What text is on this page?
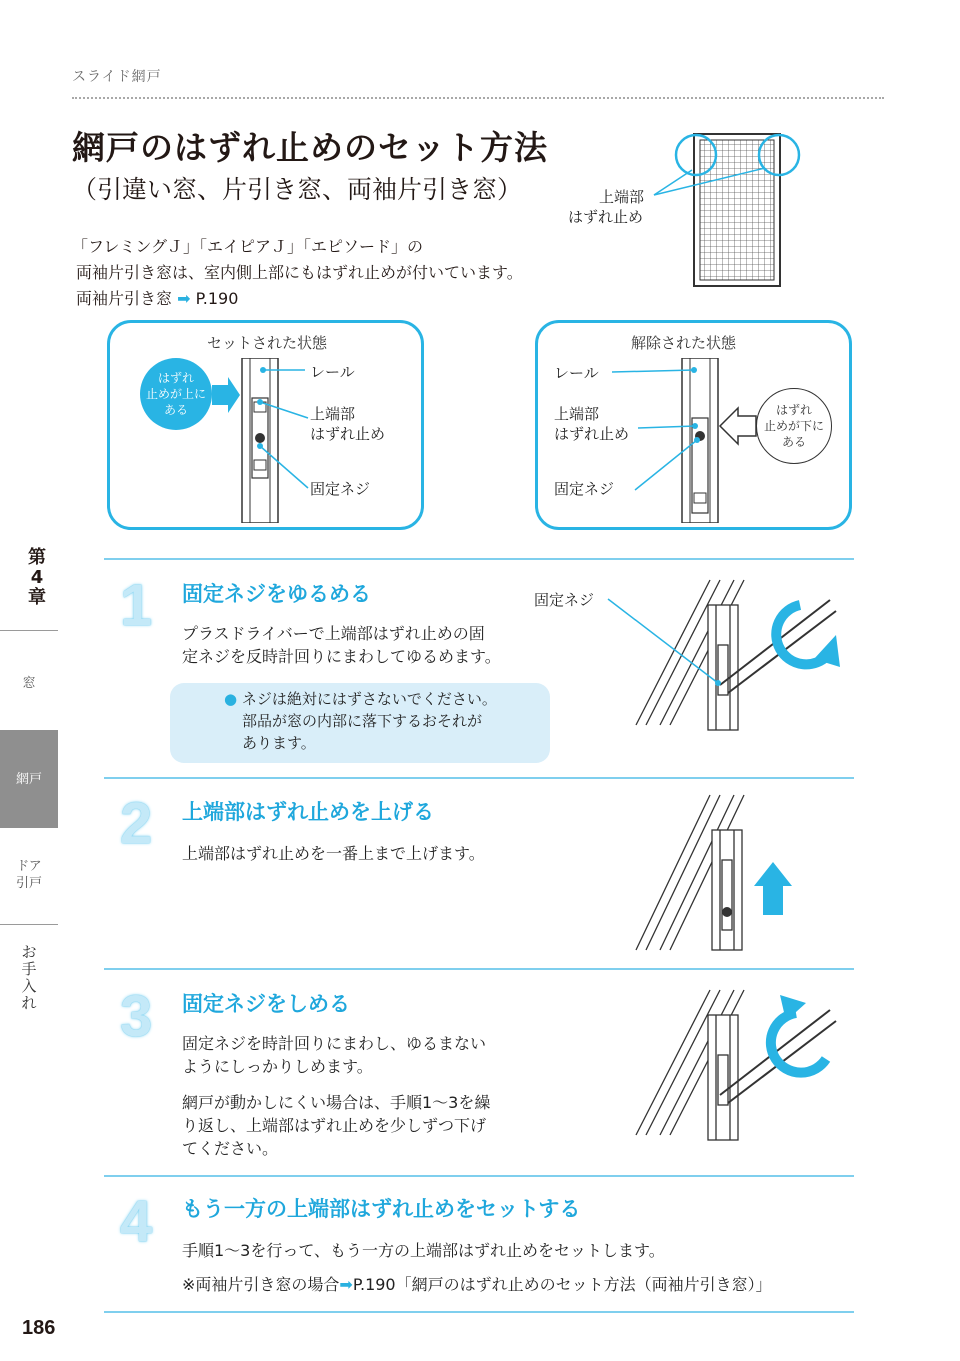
スライド網戸
網戸のはずれ止めのセット方法
（引違い窓、片引き窓、両袖片引き窓）	上端部
はずれ止め
「フレミングＪ」「エイピアＪ」「エピソード」の
両袖片引き窓は、室内側上部にもはずれ止めが付いています。
両袖片引き窓 ➡ P.190
セットされた状態
はずれ
止めが上に
ある
レール
上端部
はずれ止め
固定ネジ
解除された状態
はずれ
止めが下に
ある
レール
上端部
はずれ止め
固定ネジ
第
4
章
窓
網戸
ドア
引戸
お
手
入
れ
1 固定ネジをゆるめる
プラスドライバーで上端部はずれ止めの固
定ネジを反時計回りにまわしてゆるめます。
● ネジは絶対にはずさないでください。
部品が窓の内部に落下するおそれが
あります。
固定ネジ
2 上端部はずれ止めを上げる
上端部はずれ止めを一番上まで上げます。
3 固定ネジをしめる
固定ネジを時計回りにまわし、ゆるまない
ようにしっかりしめます。
網戸が動かしにくい場合は、手順1～3を繰
り返し、上端部はずれ止めを少しずつ下げ
てください。
4 もう一方の上端部はずれ止めをセットする
手順1～3を行って、もう一方の上端部はずれ止めをセットします。
※両袖片引き窓の場合➡P.190「網戸のはずれ止めのセット方法（両袖片引き窓）」
186
